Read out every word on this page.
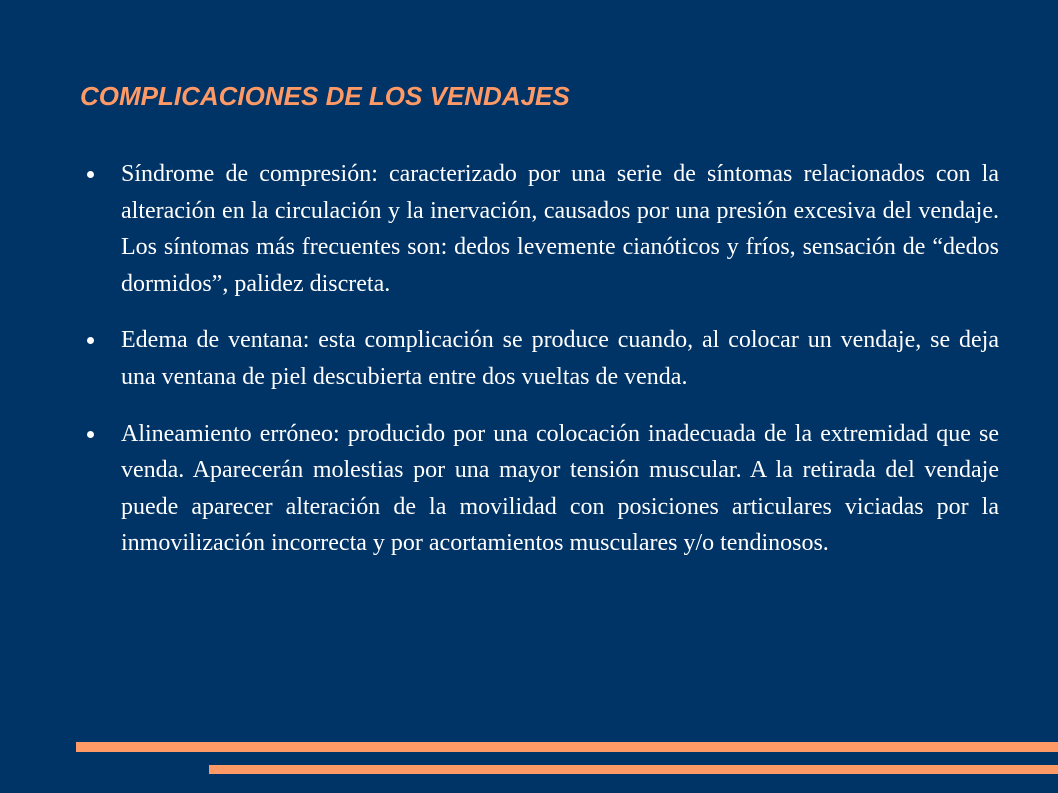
COMPLICACIONES DE LOS VENDAJES
Síndrome de compresión: caracterizado por una serie de síntomas relacionados con la alteración en la circulación y la inervación, causados por una presión excesiva del vendaje. Los síntomas más frecuentes son: dedos levemente cianóticos y fríos, sensación de “dedos dormidos”, palidez discreta.
Edema de ventana: esta complicación se produce cuando, al colocar un vendaje, se deja una ventana de piel descubierta entre dos vueltas de venda.
Alineamiento erróneo: producido por una colocación inadecuada de la extremidad que se venda. Aparecerán molestias por una mayor tensión muscular. A la retirada del vendaje puede aparecer alteración de la movilidad con posiciones articulares viciadas por la inmovilización incorrecta y por acortamientos musculares y/o tendinosos.
